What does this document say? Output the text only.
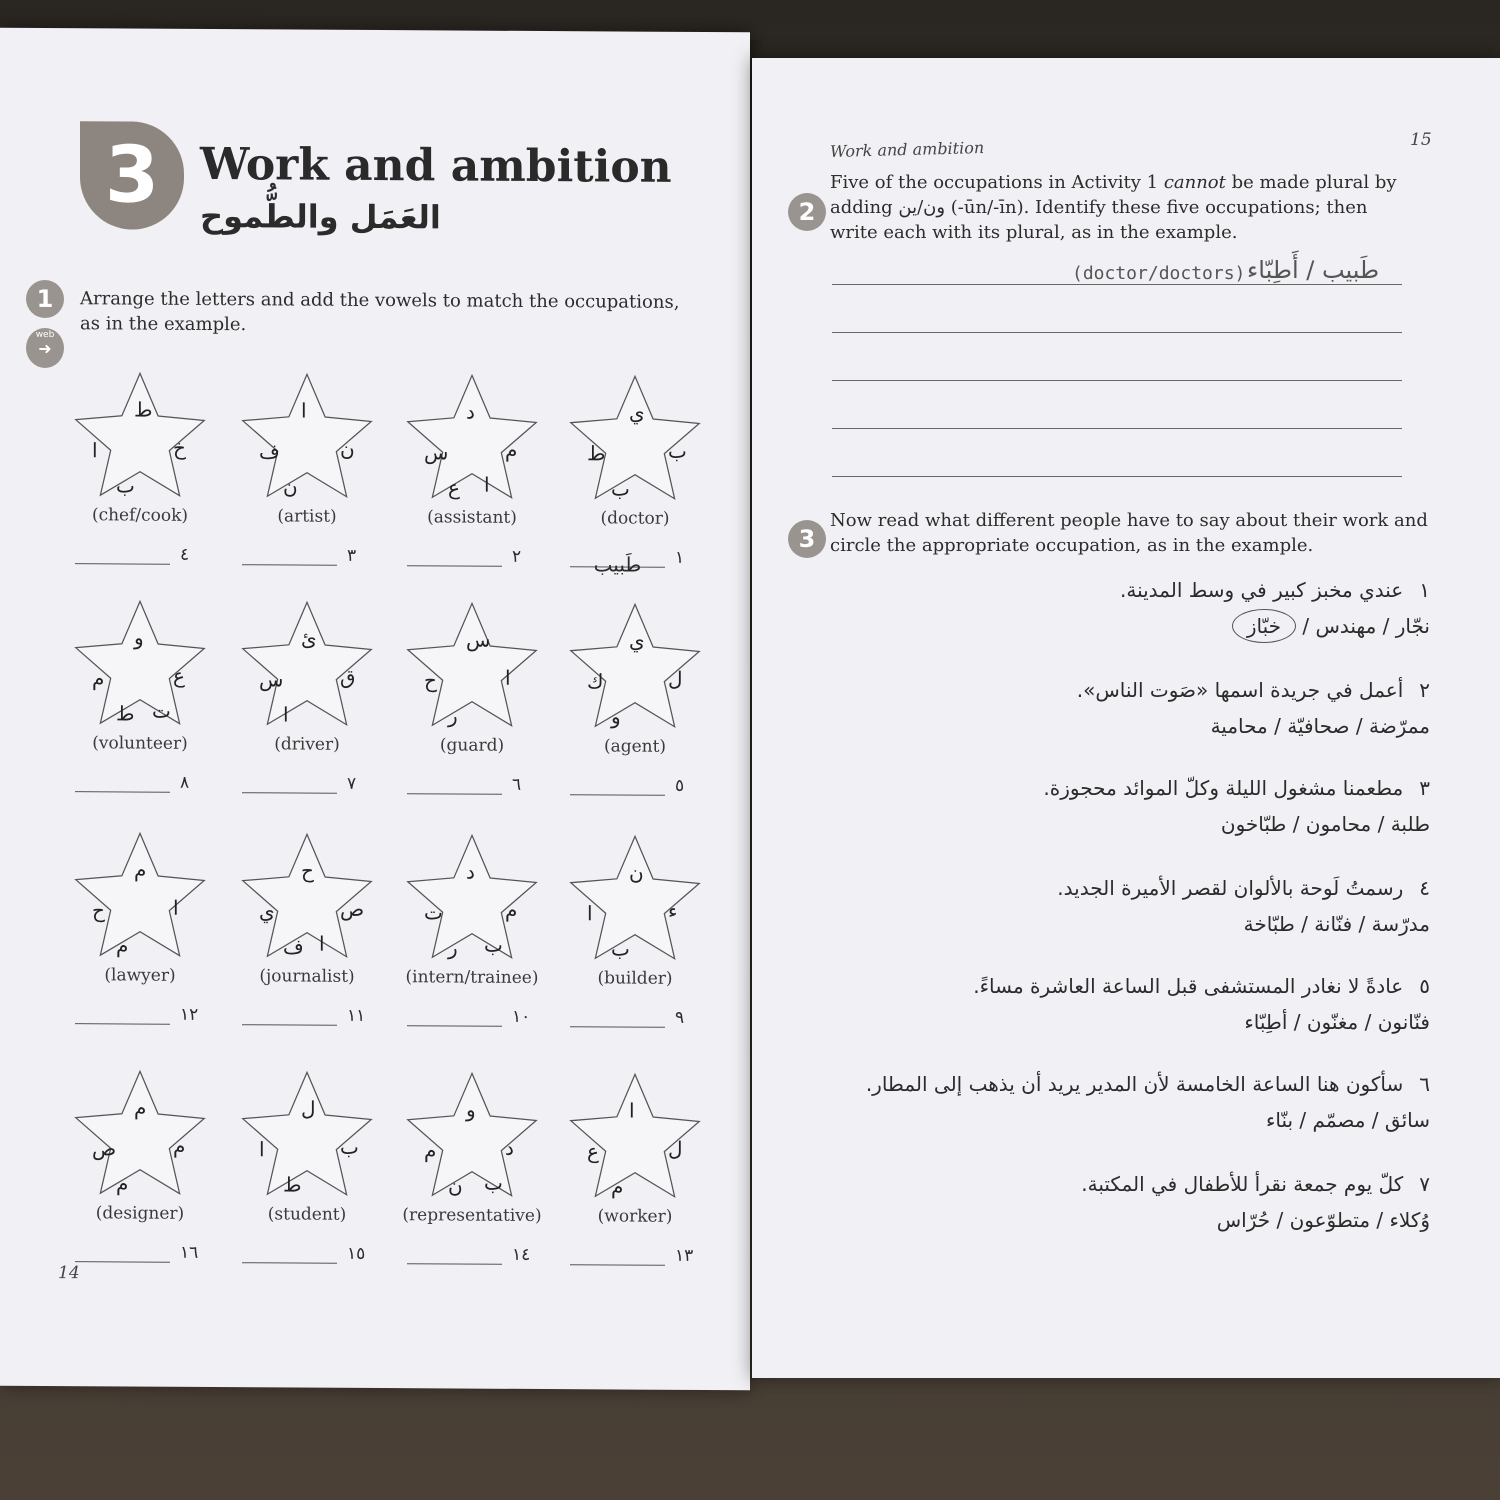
3 Work and ambition
العَمَل والطُّموح
1	Arrange the letters and add the vowels to match the occupations, as in the example.
web
➜
ط
ا	خ
ب
(chef/cook)
٤
ا
ف	ن
ن
(artist)
٣
د
س	م
ع ا
(assistant)
٢
ي
ط	ب
ب
(doctor)
١طَبيب
و
م	ع
ط ت
(volunteer)
٨
ئ
س	ق
ا
(driver)
٧
س
ح	ا
ر
(guard)
٦
ي
ك	ل
و
(agent)
٥
م
ح	ا
م
(lawyer)
١٢
ح
ي	ص
ف ا
(journalist)
١١
د
ت	م
ر ب
(intern/trainee)
١٠
ن
ا	ء
ب
(builder)
٩
م
ص	م
م
(designer)
١٦
ل
ا	ب
ط
(student)
١٥
و
م	د
ن ب
(representative)
١٤
ا
ع	ل
م
(worker)
١٣
14
Work and ambition	15
2
Five of the occupations in Activity 1 cannot be made plural by adding ون/ين (-ūn/-īn). Identify these five occupations; then write each with its plural, as in the example.
(doctor/doctors) طَبيب / أَطِبّاء
3
Now read what different people have to say about their work and circle the appropriate occupation, as in the example.
١عندي مخبز كبير في وسط المدينة.
نجّار / مهندس / خبّاز
٢أعمل في جريدة اسمها «صَوت الناس».
ممرّضة / صحافيّة / محامية
٣مطعمنا مشغول الليلة وكلّ الموائد محجوزة.
طلبة / محامون / طبّاخون
٤رسمتُ لَوحة بالألوان لقصر الأميرة الجديد.
مدرّسة / فنّانة / طبّاخة
٥عادةً لا نغادر المستشفى قبل الساعة العاشرة مساءً.
فنّانون / مغنّون / أطِبّاء
٦سأكون هنا الساعة الخامسة لأن المدير يريد أن يذهب إلى المطار.
سائق / مصمّم / بنّاء
٧كلّ يوم جمعة نقرأ للأطفال في المكتبة.
وُكلاء / متطوّعون / حُرّاس
